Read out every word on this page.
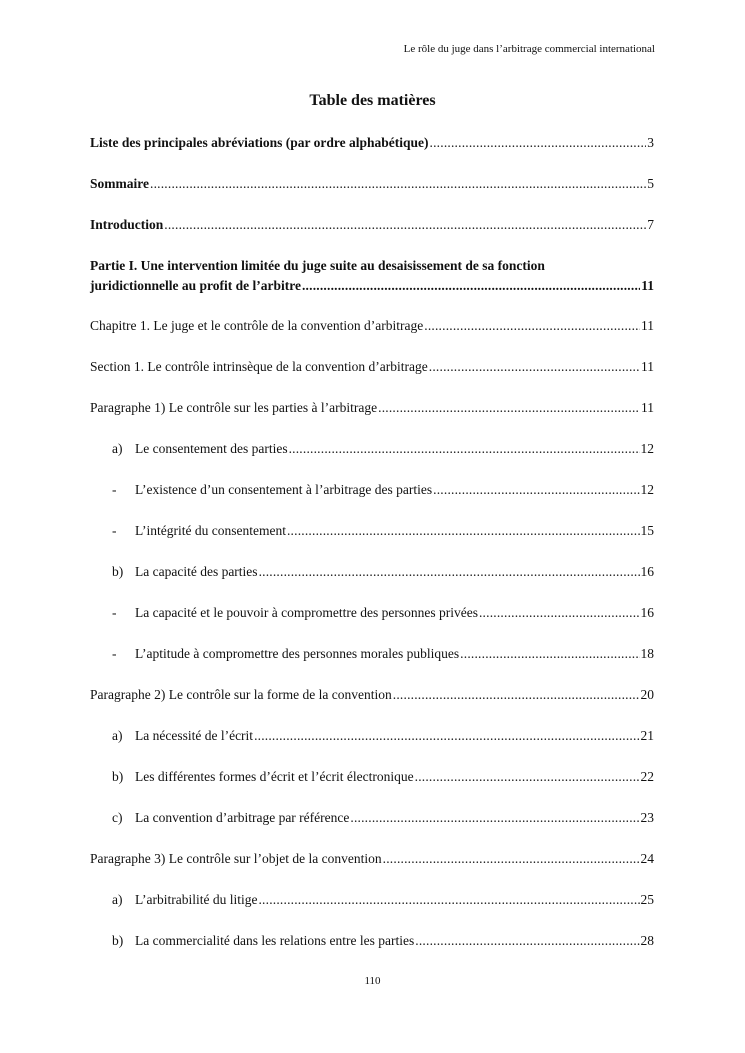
Le rôle du juge dans l’arbitrage commercial international
Table des matières
Liste des principales abréviations (par ordre alphabétique) .....	3
Sommaire .....	5
Introduction .....	7
Partie I. Une intervention limitée du juge suite au desaisissement de sa fonction
juridictionnelle au profit de l’arbitre .....	11
Chapitre 1. Le juge et le contrôle de la convention d’arbitrage .....	11
Section 1. Le contrôle intrinsèque de la convention d’arbitrage .....	11
Paragraphe 1) Le contrôle sur les parties à l’arbitrage .....	11
a) Le consentement des parties .....	12
-	L’existence d’un consentement à l’arbitrage des parties .....	12
-	L’intégrité du consentement .....	15
b) La capacité des parties .....	16
-	La capacité et le pouvoir à compromettre des personnes privées .....	16
-	L’aptitude à compromettre des personnes morales publiques .....	18
Paragraphe 2) Le contrôle sur la forme de la convention .....	20
a) La nécessité de l’écrit .....	21
b) Les différentes formes d’écrit et l’écrit électronique .....	22
c) La convention d’arbitrage par référence .....	23
Paragraphe 3) Le contrôle sur l’objet de la convention .....	24
a) L’arbitrabilité du litige .....	25
b) La commercialité dans les relations entre les parties .....	28
110
